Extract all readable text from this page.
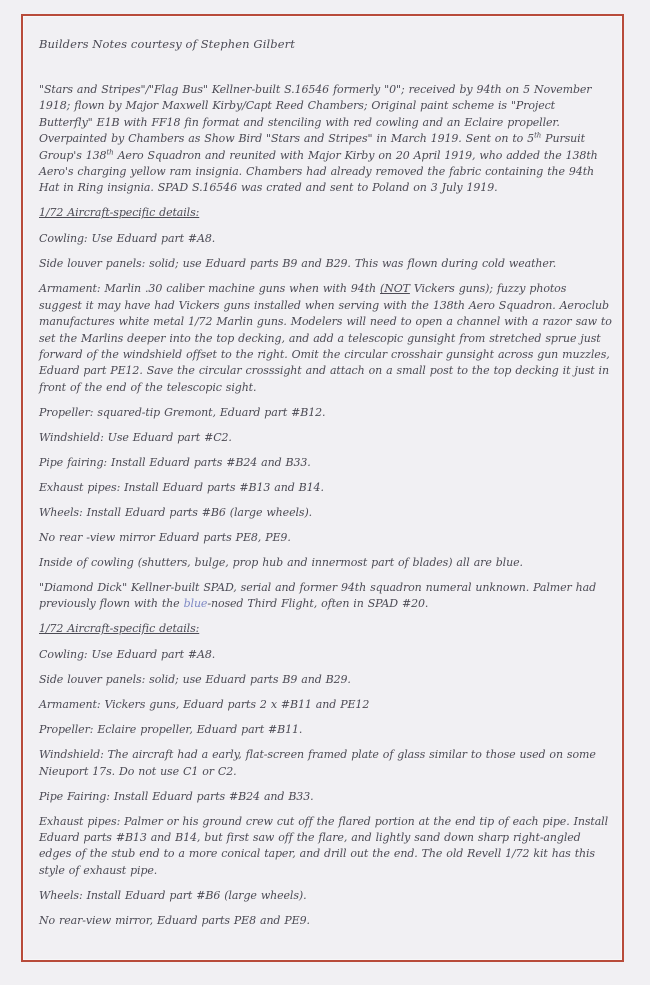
Builders Notes courtesy of Stephen Gilbert

"Stars and Stripes"/"Flag Bus" Kellner-built S.16546 formerly "0"; received by 94th on 5 November 1918; flown by Major Maxwell Kirby/Capt Reed Chambers; Original paint scheme is "Project Butterfly" E1B with FF18 fin format and stenciling with red cowling and an Eclaire propeller. Overpainted by Chambers as Show Bird "Stars and Stripes" in March 1919. Sent on to 5th Pursuit Group's 138th Aero Squadron and reunited with Major Kirby on 20 April 1919, who added the 138th Aero's charging yellow ram insignia. Chambers had already removed the fabric containing the 94th Hat in Ring insignia. SPAD S.16546 was crated and sent to Poland on 3 July 1919.

1/72 Aircraft-specific details:

Cowling: Use Eduard part #A8.

Side louver panels: solid; use Eduard parts B9 and B29. This was flown during cold weather.

Armament: Marlin .30 caliber machine guns when with 94th (NOT Vickers guns); fuzzy photos suggest it may have had Vickers guns installed when serving with the 138th Aero Squadron. Aeroclub manufactures white metal 1/72 Marlin guns. Modelers will need to open a channel with a razor saw to set the Marlins deeper into the top decking, and add a telescopic gunsight from stretched sprue just forward of the windshield offset to the right. Omit the circular crosshair gunsight across gun muzzles, Eduard part PE12. Save the circular crosssight and attach on a small post to the top decking it just in front of the end of the telescopic sight.

Propeller: squared-tip Gremont, Eduard part #B12.

Windshield: Use Eduard part #C2.

Pipe fairing: Install Eduard parts #B24 and B33.

Exhaust pipes: Install Eduard parts #B13 and B14.

Wheels: Install Eduard parts #B6 (large wheels).

No rear -view mirror Eduard parts PE8, PE9.

Inside of cowling (shutters, bulge, prop hub and innermost part of blades) all are blue.

"Diamond Dick" Kellner-built SPAD, serial and former 94th squadron numeral unknown. Palmer had previously flown with the blue-nosed Third Flight, often in SPAD #20.

1/72 Aircraft-specific details:

Cowling: Use Eduard part #A8.

Side louver panels: solid; use Eduard parts B9 and B29.

Armament: Vickers guns, Eduard parts 2 x #B11 and PE12

Propeller: Eclaire propeller, Eduard part #B11.

Windshield: The aircraft had a early, flat-screen framed plate of glass similar to those used on some Nieuport 17s. Do not use C1 or C2.

Pipe Fairing: Install Eduard parts #B24 and B33.

Exhaust pipes: Palmer or his ground crew cut off the flared portion at the end tip of each pipe. Install Eduard parts #B13 and B14, but first saw off the flare, and lightly sand down sharp right-angled edges of the stub end to a more conical taper, and drill out the end. The old Revell 1/72 kit has this style of exhaust pipe.

Wheels: Install Eduard part #B6 (large wheels).

No rear-view mirror, Eduard parts PE8 and PE9.
